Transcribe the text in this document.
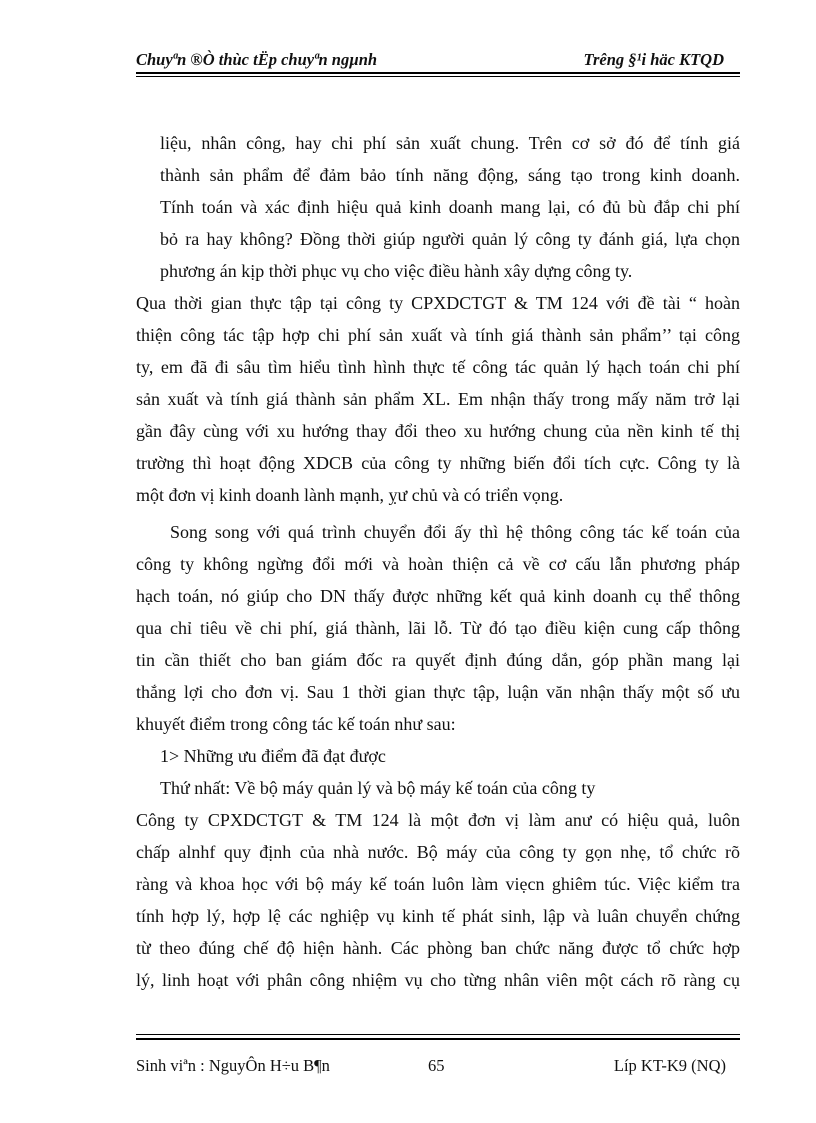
Chuyªn ®Ò thùc tËp chuyªn ngµnh	Trêng §¹i häc KTQD
liệu, nhân công, hay chi phí sản xuất chung. Trên cơ sở đó để tính giá
thành sản phẩm để đảm bảo tính năng động, sáng tạo trong kinh doanh.
Tính toán và xác định hiệu quả kinh doanh mang lại, có đủ bù đắp chi phí
bỏ ra hay không? Đồng thời giúp người quản lý công ty đánh giá, lựa chọn
phương án kịp thời phục vụ cho việc điều hành xây dựng công ty.
Qua thời gian thực tập tại công ty CPXDCTGT & TM 124 với đề tài “ hoàn
thiện công tác tập hợp chi phí sản xuất và tính giá thành sản phẩm’’ tại công
ty, em đã đi sâu tìm hiểu tình hình thực tế công tác quản lý hạch toán chi phí
sản xuất và tính giá thành sản phẩm XL. Em nhận thấy trong mấy năm trở lại
gần đây cùng với xu hướng thay đổi theo xu hướng chung của nền kinh tế thị
trường thì hoạt động XDCB của công ty những biến đổi tích cực. Công ty là
một đơn vị kinh doanh lành mạnh, ỵư chủ và có triển vọng.
Song song với quá trình chuyển đổi ấy thì hệ thông công tác kế toán của
công ty không ngừng đổi mới và hoàn thiện cả về cơ cấu lẫn phương pháp
hạch toán, nó giúp cho DN thấy được những kết quả kinh doanh cụ thể thông
qua chỉ tiêu về chi phí, giá thành, lãi lỗ. Từ đó tạo điều kiện cung cấp thông
tin cần thiết cho ban giám đốc ra quyết định đúng dắn, góp phần mang lại
thắng lợi cho đơn vị. Sau 1 thời gian thực tập, luận văn nhận thấy một số ưu
khuyết điểm trong công tác kế toán như sau:
1> Những ưu điểm đã đạt được
Thứ nhất: Về bộ máy quản lý và bộ máy kế toán của công ty
Công ty CPXDCTGT & TM 124 là một đơn vị làm anư có hiệu quả, luôn
chấp alnhf quy định của nhà nước. Bộ máy của công ty gọn nhẹ, tổ chức rõ
ràng và khoa học với bộ máy kế toán luôn làm viẹcn ghiêm túc. Việc kiểm tra
tính hợp lý, hợp lệ các nghiệp vụ kinh tế phát sinh, lập và luân chuyển chứng
từ theo đúng chế độ hiện hành. Các phòng ban chức năng được tổ chức hợp
lý, linh hoạt với phân công nhiệm vụ cho từng nhân viên một cách rõ ràng cụ
Sinh viªn : NguyÔn H÷u B¶n	65	Líp KT-K9 (NQ)
